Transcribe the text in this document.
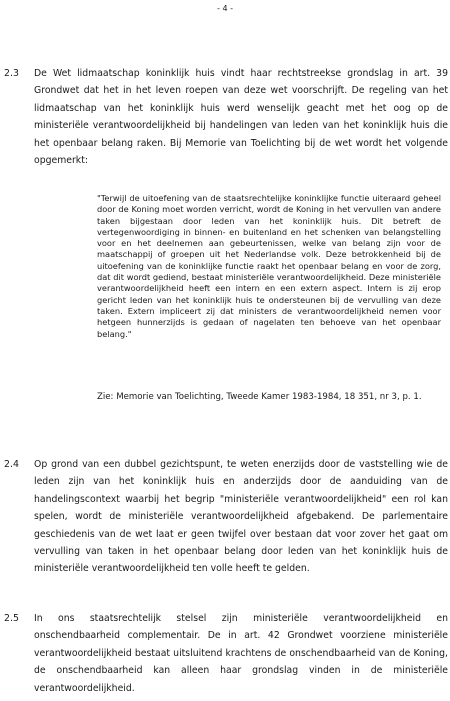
- 4 -
2.3 De Wet lidmaatschap koninklijk huis vindt haar rechtstreekse grondslag in art. 39 Grondwet dat het in het leven roepen van deze wet voorschrijft. De regeling van het lidmaatschap van het koninklijk huis werd wenselijk geacht met het oog op de ministeriële verantwoordelijkheid bij handelingen van leden van het koninklijk huis die het openbaar belang raken. Bij Memorie van Toelichting bij de wet wordt het volgende opgemerkt:
"Terwijl de uitoefening van de staatsrechtelijke koninklijke functie uiteraard geheel door de Koning moet worden verricht, wordt de Koning in het vervullen van andere taken bijgestaan door leden van het koninklijk huis. Dit betreft de vertegenwoordiging in binnen- en buitenland en het schenken van belangstelling voor en het deelnemen aan gebeurtenissen, welke van belang zijn voor de maatschappij of groepen uit het Nederlandse volk. Deze betrokkenheid bij de uitoefening van de koninklijke functie raakt het openbaar belang en voor de zorg, dat dit wordt gediend, bestaat ministeriële verantwoordelijkheid. Deze ministeriële verantwoordelijkheid heeft een intern en een extern aspect. Intern is zij erop gericht leden van het koninklijk huis te ondersteunen bij de vervulling van deze taken. Extern impliceert zij dat ministers de verantwoordelijkheid nemen voor hetgeen hunnerzijds is gedaan of nagelaten ten behoeve van het openbaar belang."
Zie: Memorie van Toelichting, Tweede Kamer 1983-1984, 18 351, nr 3, p. 1.
2.4 Op grond van een dubbel gezichtspunt, te weten enerzijds door de vaststelling wie de leden zijn van het koninklijk huis en anderzijds door de aanduiding van de handelingscontext waarbij het begrip "ministeriële verantwoordelijkheid" een rol kan spelen, wordt de ministeriële verantwoordelijkheid afgebakend. De parlementaire geschiedenis van de wet laat er geen twijfel over bestaan dat voor zover het gaat om vervulling van taken in het openbaar belang door leden van het koninklijk huis de ministeriële verantwoordelijkheid ten volle heeft te gelden.
2.5 In ons staatsrechtelijk stelsel zijn ministeriële verantwoordelijkheid en onschendbaarheid complementair. De in art. 42 Grondwet voorziene ministeriële verantwoordelijkheid bestaat uitsluitend krachtens de onschendbaarheid van de Koning, de onschendbaarheid kan alleen haar grondslag vinden in de ministeriële verantwoordelijkheid.
